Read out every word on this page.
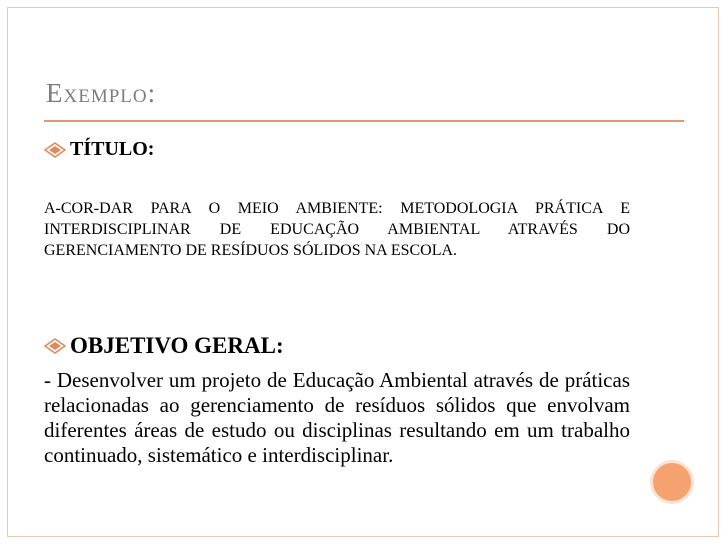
Exemplo:
TÍTULO:
A-COR-DAR PARA O MEIO AMBIENTE: METODOLOGIA PRÁTICA E INTERDISCIPLINAR DE EDUCAÇÃO AMBIENTAL ATRAVÉS DO GERENCIAMENTO DE RESÍDUOS SÓLIDOS NA ESCOLA.
OBJETIVO GERAL:
- Desenvolver um projeto de Educação Ambiental através de práticas relacionadas ao gerenciamento de resíduos sólidos que envolvam diferentes áreas de estudo ou disciplinas resultando em um trabalho continuado, sistemático e interdisciplinar.
